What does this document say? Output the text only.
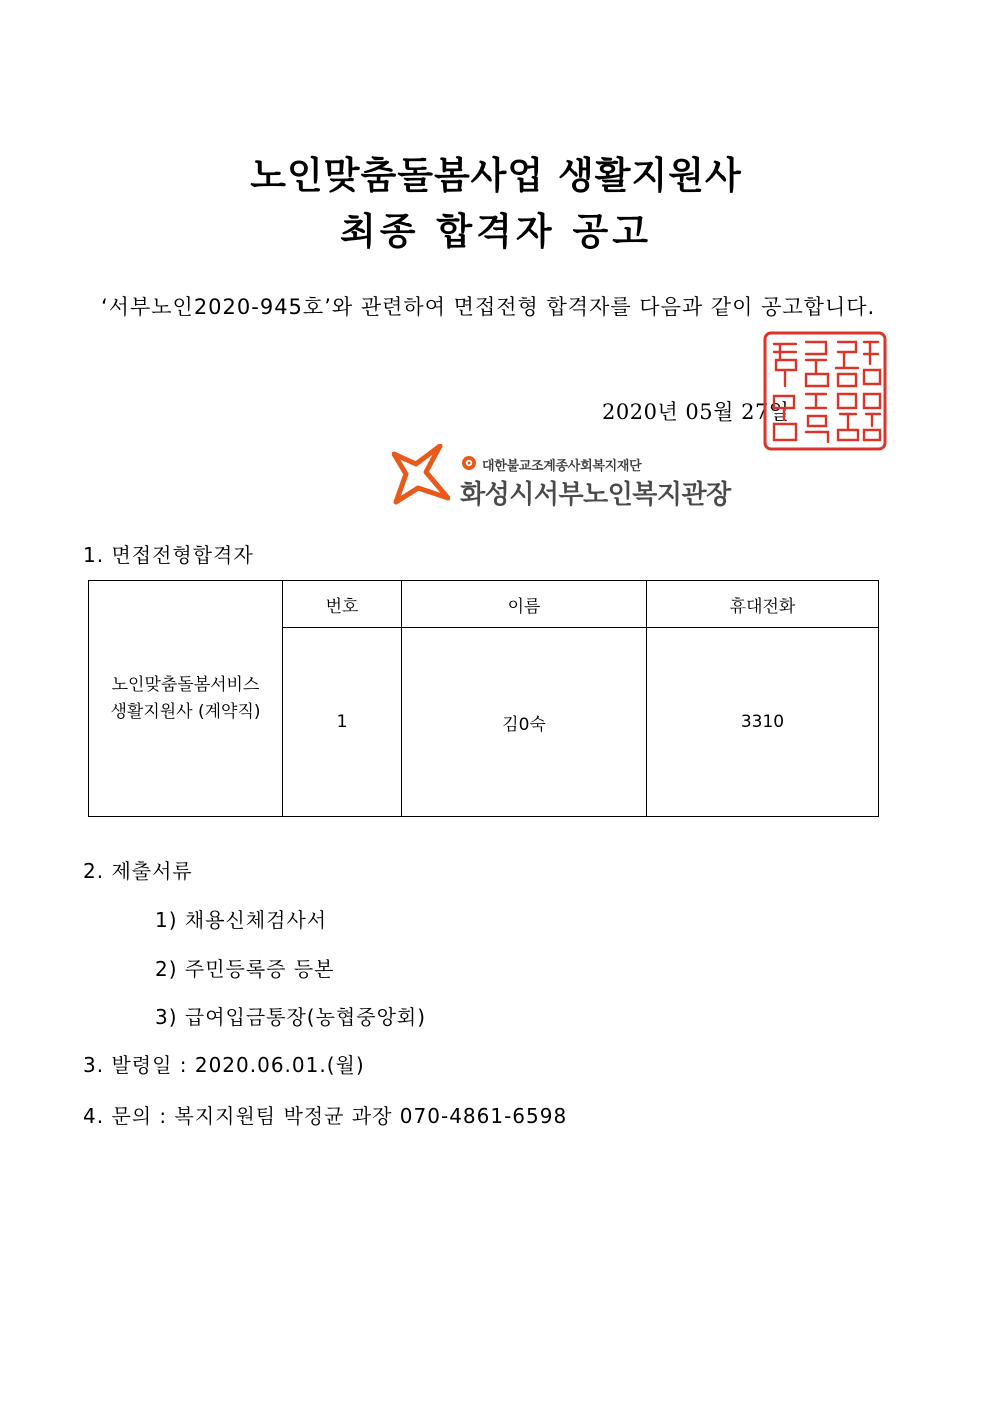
노인맞춤돌봄사업 생활지원사
최종 합격자 공고
‘서부노인2020-945호’와 관련하여 면접전형 합격자를 다음과 같이 공고합니다.
2020년 05월 27일
대한불교조계종사회복지재단
화성시서부노인복지관장
1. 면접전형합격자
노인맞춤돌봄서비스
생활지원사 (계약직)	번호	이름	휴대전화
	1	김0숙	3310
2. 제출서류
1) 채용신체검사서
2) 주민등록증 등본
3) 급여입금통장(농협중앙회)
3. 발령일 : 2020.06.01.(월)
4. 문의 : 복지지원팀 박정균 과장 070-4861-6598
